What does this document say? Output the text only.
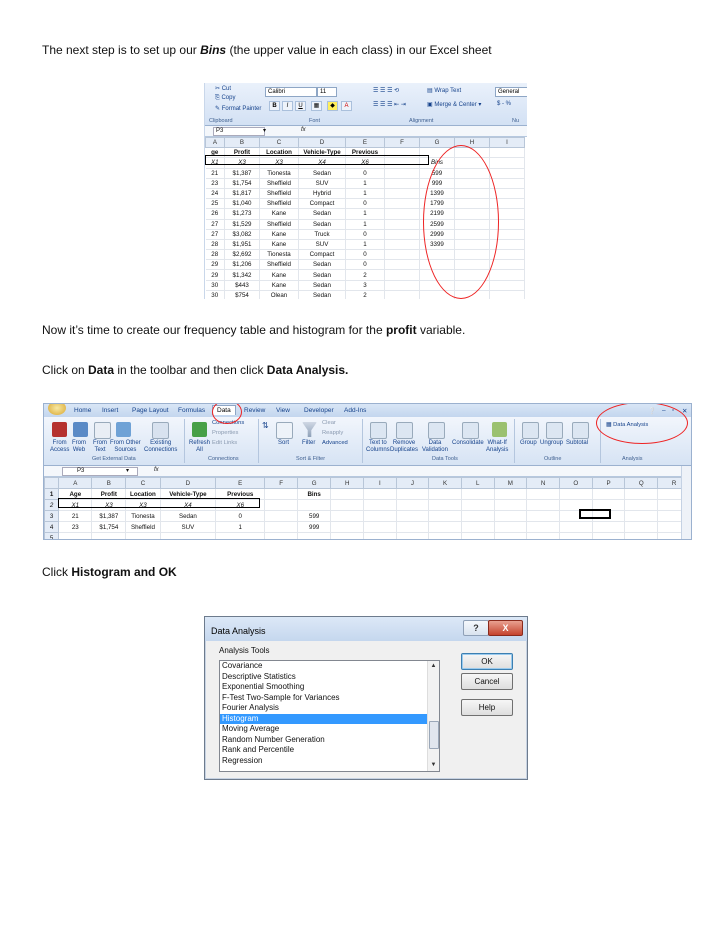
The next step is to set up our Bins (the upper value in each class) in our Excel sheet
✂ Cut
⎘ Copy
✎ Format Painter
Clipboard
Calibri	11
B	I	U	▦	◆	A
Font
☰ ☰ ☰ ⟲
☰ ☰ ☰ ⇤ ⇥
▤ Wrap Text
▣ Merge & Center ▾
Alignment
General
$ - %
Nu
P3	▾	fx
A	B	C	D	E	F	G	H	I
ge	Profit	Location	Vehicle-Type	Previous				
X1	X3	X3	X4	X6		Bins		
21	$1,387	Tionesta	Sedan	0		599		
23	$1,754	Sheffield	SUV	1		999		
24	$1,817	Sheffield	Hybrid	1		1399		
25	$1,040	Sheffield	Compact	0		1799		
26	$1,273	Kane	Sedan	1		2199		
27	$1,529	Sheffield	Sedan	1		2599		
27	$3,082	Kane	Truck	0		2999		
28	$1,951	Kane	SUV	1		3399		
28	$2,692	Tionesta	Compact	0				
29	$1,206	Sheffield	Sedan	0				
29	$1,342	Kane	Sedan	2				
30	$443	Kane	Sedan	3				
30	$754	Olean	Sedan	2				
Now it’s time to create our frequency table and histogram for the profit variable.
Click on Data in the toolbar and then click Data Analysis.
Home Insert Page Layout Formulas	Data	Review View Developer Add-Ins	❔ – ▫ ✕
From
Access
From
Web
From
Text
From Other
Sources
Existing
Connections
Get External Data
Refresh
All
Connections
Properties
Edit Links
Connections
⇅
Sort Filter
Clear
Reapply
Advanced
Sort & Filter
Text to
Columns
Remove
Duplicates
Data
Validation
Consolidate What-If
Analysis
Data Tools
Group Ungroup Subtotal
Outline
▦ Data Analysis
Analysis
P3	▾	fx
	A	B	C	D	E	F	G	H	I	J	K	L	M	N	O	P	Q	R
1	Age	Profit	Location	Vehicle-Type	Previous		Bins											
2	X1	X3	X3	X4	X6													
3	21	$1,387	Tionesta	Sedan	0		599											
4	23	$1,754	Sheffield	SUV	1		999											
5																		
Click Histogram and OK
Data Analysis	?	X
Analysis Tools
Covariance
Descriptive Statistics
Exponential Smoothing
F-Test Two-Sample for Variances
Fourier Analysis
Histogram
Moving Average
Random Number Generation
Rank and Percentile
Regression
▲
▼
OK
Cancel
Help
